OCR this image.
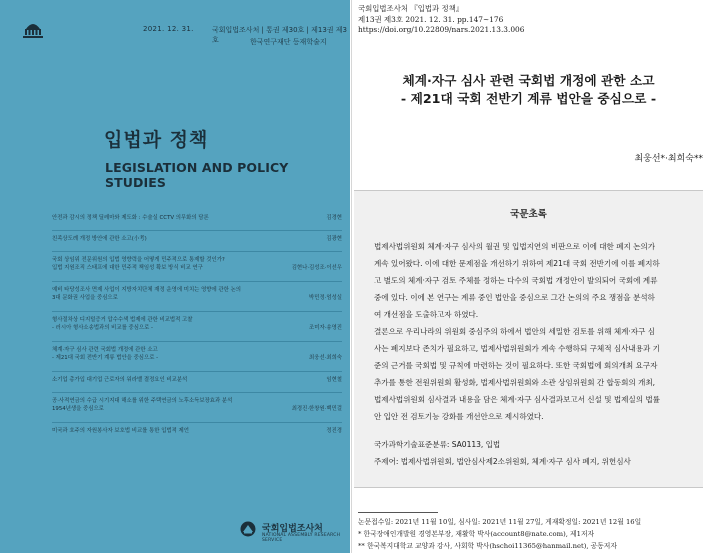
2021. 12. 31.	국회입법조사처 | 통권 제30호 | 제13권 제3호	한국연구재단 등재학술지
입법과 정책
LEGISLATION AND POLICY STUDIES
안전과 감시의 정책 딜레마와 제도화 : 수술실 CCTV 의무화의 담론	김경현
친족상도례 개정 방안에 관한 소고(小考)	김광현
국회 상임위 전문위원의 입법 영향력을 어떻게 민주적으로 통제할 것인가?
입법 지원조직 스태프에 대한 민주적 책임성 확보 방식 비교 연구	김현나·김성조·이선우
예비 타당성조사 면제 사업이 지방자치단체 재정 운영에 미치는 영향에 관한 논의
3대 문화권 사업을 중심으로	박민정·엄성실
형사절차상 디지털증거 압수수색 법제에 관한 비교법적 고찰
- 러시아 형사소송법과의 비교를 중심으로 -	조미자·송영진
체계·자구 심사 관련 국회법 개정에 관한 소고
- 제21대 국회 전반기 계류 법안을 중심으로 -	최웅선·최희숙
소기업 총가입 대기업 근로자의 워라밸 결정요인 비교분석	임현철
공·사적연금의 수급 시기지대 해소를 위한 주택연금의 노후소득보장효과 분석
1954년생을 중심으로	최경진·한창원·백민걸
미국과 호주의 자원봉사자 보호법 비교를 통한 입법적 제언	정진경
국회입법조사처
NATIONAL ASSEMBLY RESEARCH SERVICE
국회입법조사처 『입법과 정책』
제13권 제3호 2021. 12. 31. pp.147~176
https://doi.org/10.22809/nars.2021.13.3.006
체계·자구 심사 관련 국회법 개정에 관한 소고
- 제21대 국회 전반기 계류 법안을 중심으로 -
최웅선*·최희숙**
국문초록
법제사법위원회 체계·자구 심사의 월권 및 입법지연의 비판으로 이에 대한 폐지 논의가
계속 있어왔다. 이에 대한 문제점을 개선하기 위하여 제21대 국회 전반기에 이를 폐지하
고 별도의 체계·자구 검토 주체를 정하는 다수의 국회법 개정안이 발의되어 국회에 계류
중에 있다. 이에 본 연구는 계류 중인 법안을 중심으로 그간 논의의 주요 쟁점을 분석하
여 개선점을 도출하고자 하였다.
결론으로 우리나라의 위원회 중심주의 하에서 법안의 세밀한 검토를 위해 체계·자구 심
사는 폐지보다 존치가 필요하고, 법제사법위원회가 계속 수행하되 구체적 심사내용과 기
준의 근거를 국회법 및 규칙에 마련하는 것이 필요하다. 또한 국회법에 회의개최 요구자
추가를 통한 전원위원회 활성화, 법제사법위원회와 소관 상임위원회 간 합동회의 개최,
법제사법위원회 심사결과 내용을 담은 체계·자구 심사결과보고서 신설 및 법제실의 법률
안 입안 전 검토기능 강화를 개선안으로 제시하였다.
국가과학기술표준분류: SA0113, 입법
주제어: 법제사법위원회, 법안심사제2소위원회, 체계·자구 심사 폐지, 위헌심사
논문접수일: 2021년 11월 10일, 심사일: 2021년 11월 27일, 게재확정일: 2021년 12월 16일
* 한국장애인개발원 경영본부장, 재활학 박사(account8@nate.com), 제1저자
** 한국복지대학교 교양과 강사, 사회학 박사(hschoi11365@hanmail.net), 공동저자
